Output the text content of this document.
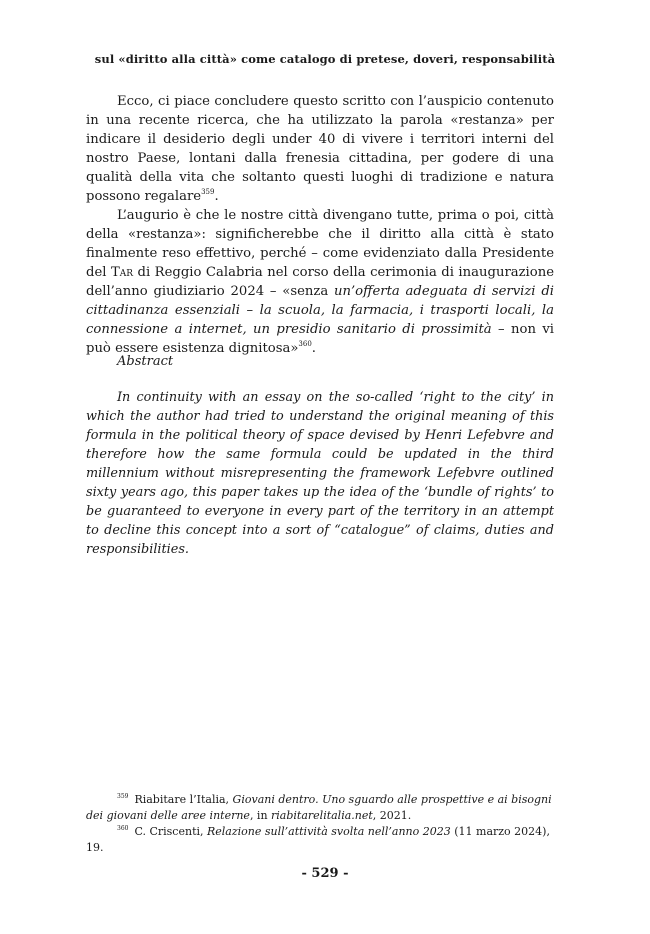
sul «diritto alla città» come catalogo di pretese, doveri, responsabilità

Ecco, ci piace concludere questo scritto con l’auspicio contenuto in una recente ricerca, che ha utilizzato la parola «restanza» per indicare il desiderio degli under 40 di vivere i territori interni del nostro Paese, lontani dalla frenesia cittadina, per godere di una qualità della vita che soltanto questi luoghi di tradizione e natura possono regalare$^{359}$.

L’augurio è che le nostre città divengano tutte, prima o poi, città della «restanza»: significherebbe che il diritto alla città è stato finalmente reso effettivo, perché – come evidenziato dalla Presidente del Tar di Reggio Calabria nel corso della cerimonia di inaugurazione dell’anno giudiziario 2024 – «senza un’offerta adeguata di servizi di cittadinanza essenziali – la scuola, la farmacia, i trasporti locali, la connessione a internet, un presidio sanitario di prossimità – non vi può essere esistenza dignitosa»$^{360}$.

Abstract

In continuity with an essay on the so-called ‘right to the city’ in which the author had tried to understand the original meaning of this formula in the political theory of space devised by Henri Lefebvre and therefore how the same formula could be updated in the third millennium without misrepresenting the framework Lefebvre outlined sixty years ago, this paper takes up the idea of the ‘bundle of rights’ to be guaranteed to everyone in every part of the territory in an attempt to decline this concept into a sort of “catalogue” of claims, duties and responsibilities.

$^{359}$ Riabitare l’Italia, Giovani dentro. Uno sguardo alle prospettive e ai bisogni dei giovani delle aree interne, in riabitarelitalia.net, 2021.

$^{360}$ C. Criscenti, Relazione sull’attività svolta nell’anno 2023 (11 marzo 2024), 19.

- 529 -
